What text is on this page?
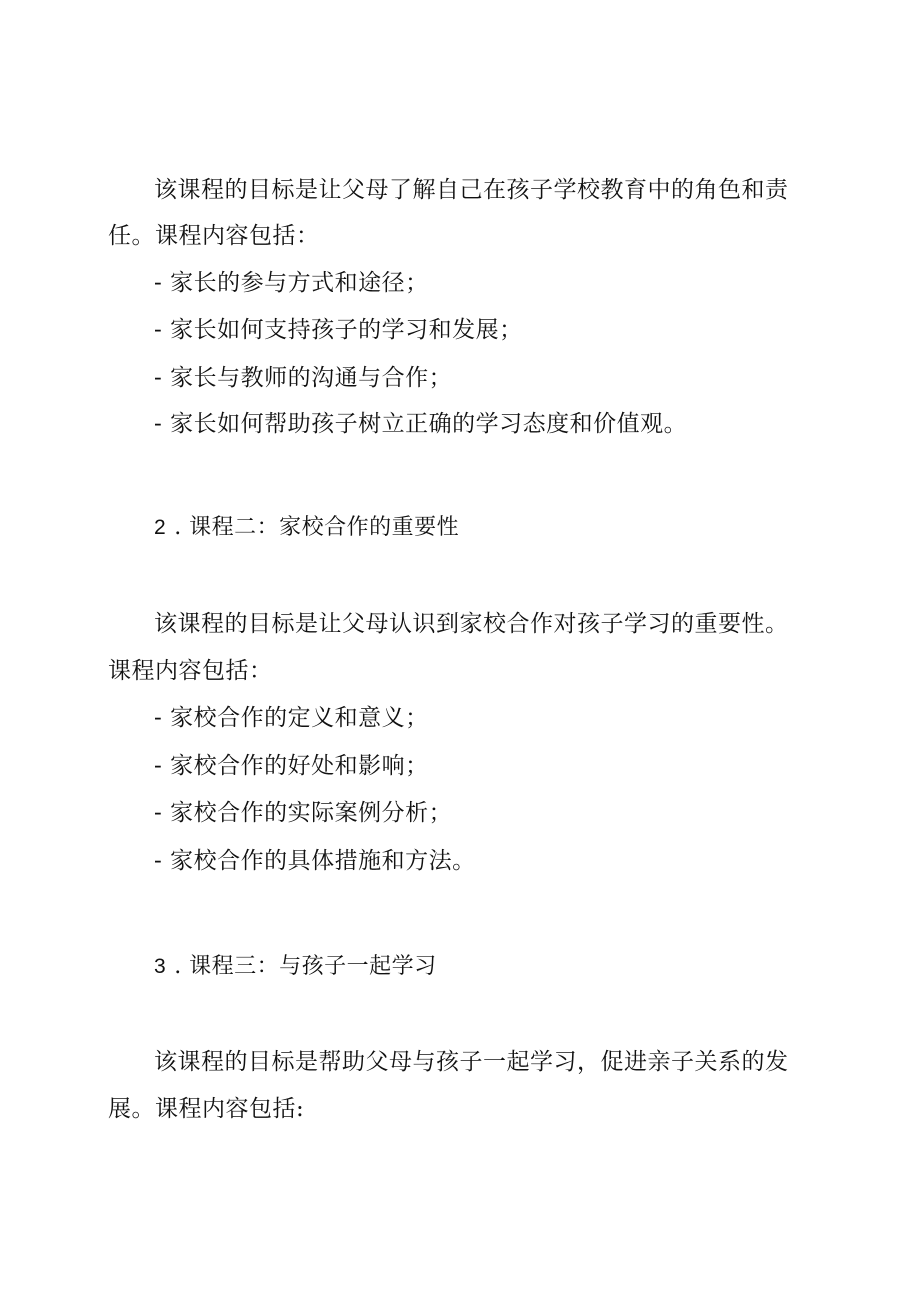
该课程的目标是让父母了解自己在孩子学校教育中的角色和责
任。课程内容包括：
- 家长的参与方式和途径；
- 家长如何支持孩子的学习和发展；
- 家长与教师的沟通与合作；
- 家长如何帮助孩子树立正确的学习态度和价值观。
2 . 课程二：家校合作的重要性
该课程的目标是让父母认识到家校合作对孩子学习的重要性。
课程内容包括：
- 家校合作的定义和意义；
- 家校合作的好处和影响；
- 家校合作的实际案例分析；
- 家校合作的具体措施和方法。
3 . 课程三：与孩子一起学习
该课程的目标是帮助父母与孩子一起学习，促进亲子关系的发
展。课程内容包括:
